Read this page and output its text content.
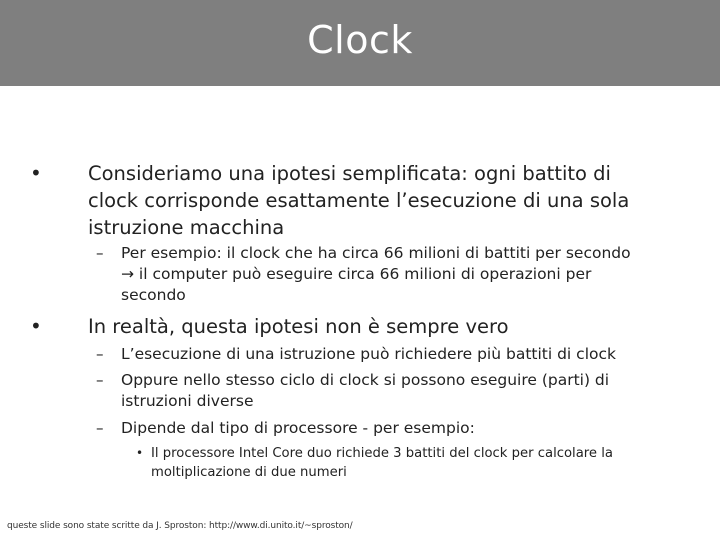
Clock
• Consideriamo una ipotesi semplificata: ogni battito di
clock corrisponde esattamente l’esecuzione di una sola
istruzione macchina
– Per esempio: il clock che ha circa 66 milioni di battiti per secondo
→ il computer può eseguire circa 66 milioni di operazioni per
secondo
• In realtà, questa ipotesi non è sempre vero
– L’esecuzione di una istruzione può richiedere più battiti di clock
– Oppure nello stesso ciclo di clock si possono eseguire (parti) di
istruzioni diverse
– Dipende dal tipo di processore - per esempio:
• Il processore Intel Core duo richiede 3 battiti del clock per calcolare la
moltiplicazione di due numeri
queste slide sono state scritte da J. Sproston: http://www.di.unito.it/~sproston/
